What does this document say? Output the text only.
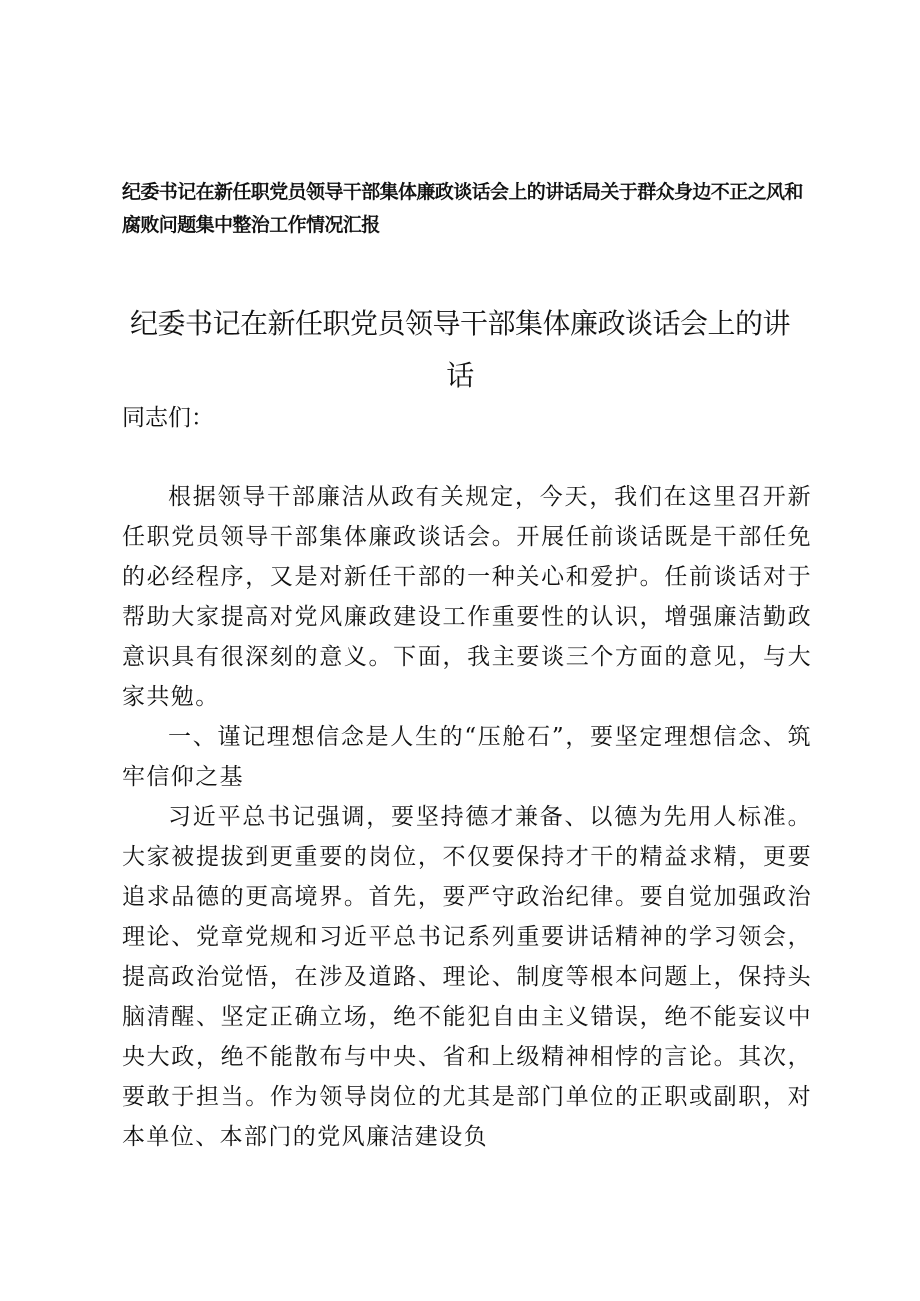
纪委书记在新任职党员领导干部集体廉政谈话会上的讲话局关于群众身边不正之风和腐败问题集中整治工作情况汇报

纪委书记在新任职党员领导干部集体廉政谈话会上的讲话

同志们：

根据领导干部廉洁从政有关规定，今天，我们在这里召开新任职党员领导干部集体廉政谈话会。开展任前谈话既是干部任免的必经程序，又是对新任干部的一种关心和爱护。任前谈话对于帮助大家提高对党风廉政建设工作重要性的认识，增强廉洁勤政意识具有很深刻的意义。下面，我主要谈三个方面的意见，与大家共勉。

一、谨记理想信念是人生的“压舱石”，要坚定理想信念、筑牢信仰之基

习近平总书记强调，要坚持德才兼备、以德为先用人标准。大家被提拔到更重要的岗位，不仅要保持才干的精益求精，更要追求品德的更高境界。首先，要严守政治纪律。要自觉加强政治理论、党章党规和习近平总书记系列重要讲话精神的学习领会，提高政治觉悟，在涉及道路、理论、制度等根本问题上，保持头脑清醒、坚定正确立场，绝不能犯自由主义错误，绝不能妄议中央大政，绝不能散布与中央、省和上级精神相悖的言论。其次，要敢于担当。作为领导岗位的尤其是部门单位的正职或副职，对本单位、本部门的党风廉洁建设负
